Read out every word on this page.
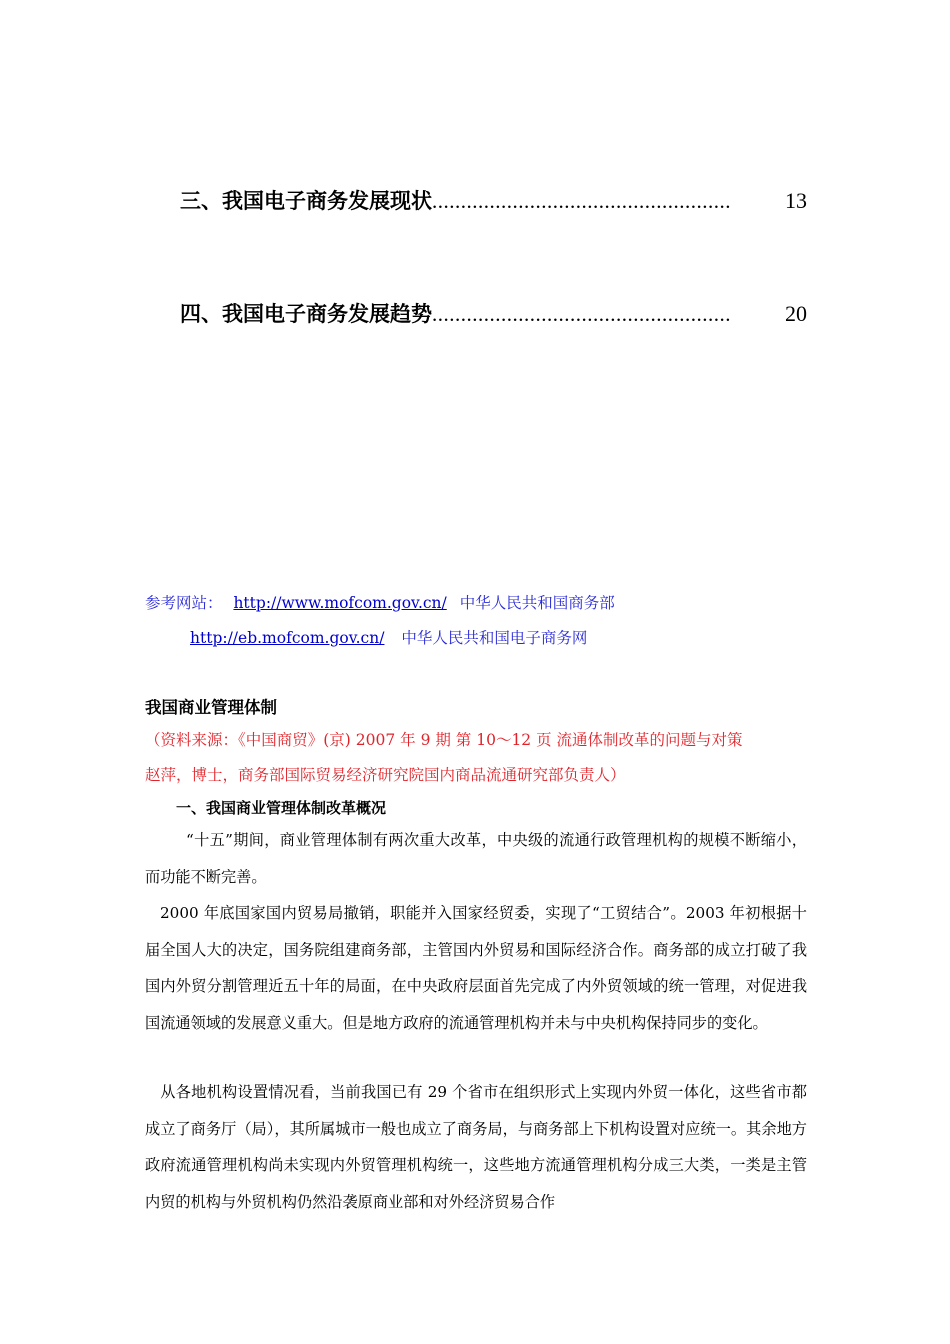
三、我国电子商务发展现状 ....................................................	13
四、我国电子商务发展趋势 ....................................................	20
参考网站： http://www.mofcom.gov.cn/ 中华人民共和国商务部
http://eb.mofcom.gov.cn/ 中华人民共和国电子商务网
我国商业管理体制
（资料来源：《中国商贸》(京) 2007 年 9 期 第 10～12 页 流通体制改革的问题与对策
赵萍，博士，商务部国际贸易经济研究院国内商品流通研究部负责人）
一、我国商业管理体制改革概况
“十五”期间，商业管理体制有两次重大改革，中央级的流通行政管理机构的规模不断缩小，而功能不断完善。
2000 年底国家国内贸易局撤销，职能并入国家经贸委，实现了“工贸结合”。2003 年初根据十届全国人大的决定，国务院组建商务部，主管国内外贸易和国际经济合作。商务部的成立打破了我国内外贸分割管理近五十年的局面，在中央政府层面首先完成了内外贸领域的统一管理，对促进我国流通领域的发展意义重大。但是地方政府的流通管理机构并未与中央机构保持同步的变化。
从各地机构设置情况看，当前我国已有 29 个省市在组织形式上实现内外贸一体化，这些省市都成立了商务厅（局），其所属城市一般也成立了商务局，与商务部上下机构设置对应统一。其余地方政府流通管理机构尚未实现内外贸管理机构统一，这些地方流通管理机构分成三大类，一类是主管内贸的机构与外贸机构仍然沿袭原商业部和对外经济贸易合作
